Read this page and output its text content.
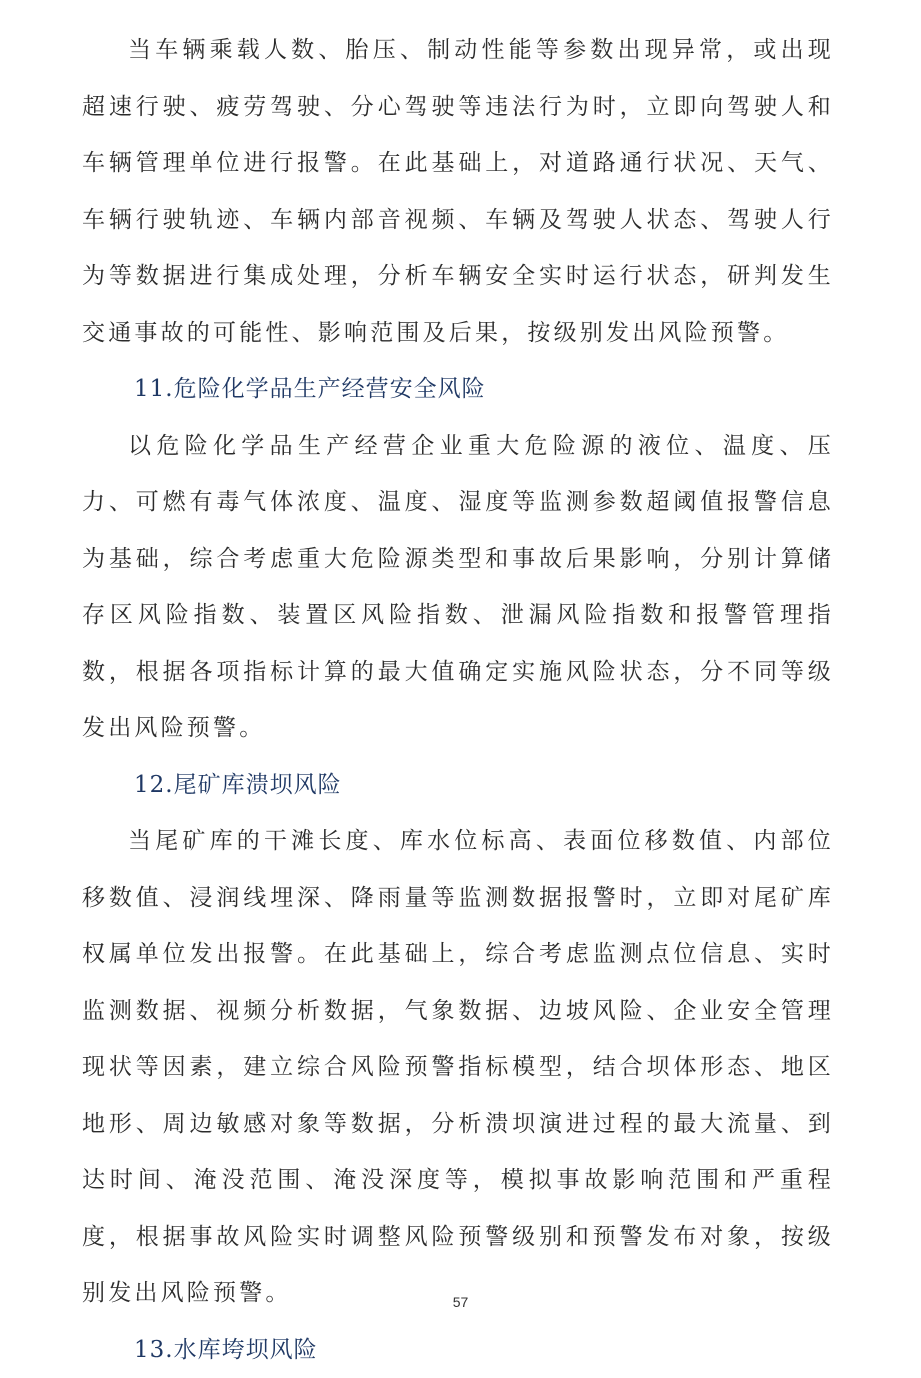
当车辆乘载人数、胎压、制动性能等参数出现异常，或出现超速行驶、疲劳驾驶、分心驾驶等违法行为时，立即向驾驶人和车辆管理单位进行报警。在此基础上，对道路通行状况、天气、车辆行驶轨迹、车辆内部音视频、车辆及驾驶人状态、驾驶人行为等数据进行集成处理，分析车辆安全实时运行状态，研判发生交通事故的可能性、影响范围及后果，按级别发出风险预警。

11.危险化学品生产经营安全风险

以危险化学品生产经营企业重大危险源的液位、温度、压力、可燃有毒气体浓度、温度、湿度等监测参数超阈值报警信息为基础，综合考虑重大危险源类型和事故后果影响，分别计算储存区风险指数、装置区风险指数、泄漏风险指数和报警管理指数，根据各项指标计算的最大值确定实施风险状态，分不同等级发出风险预警。

12.尾矿库溃坝风险

当尾矿库的干滩长度、库水位标高、表面位移数值、内部位移数值、浸润线埋深、降雨量等监测数据报警时，立即对尾矿库权属单位发出报警。在此基础上，综合考虑监测点位信息、实时监测数据、视频分析数据，气象数据、边坡风险、企业安全管理现状等因素，建立综合风险预警指标模型，结合坝体形态、地区地形、周边敏感对象等数据，分析溃坝演进过程的最大流量、到达时间、淹没范围、淹没深度等，模拟事故影响范围和严重程度，根据事故风险实时调整风险预警级别和预警发布对象，按级别发出风险预警。

13.水库垮坝风险

57
